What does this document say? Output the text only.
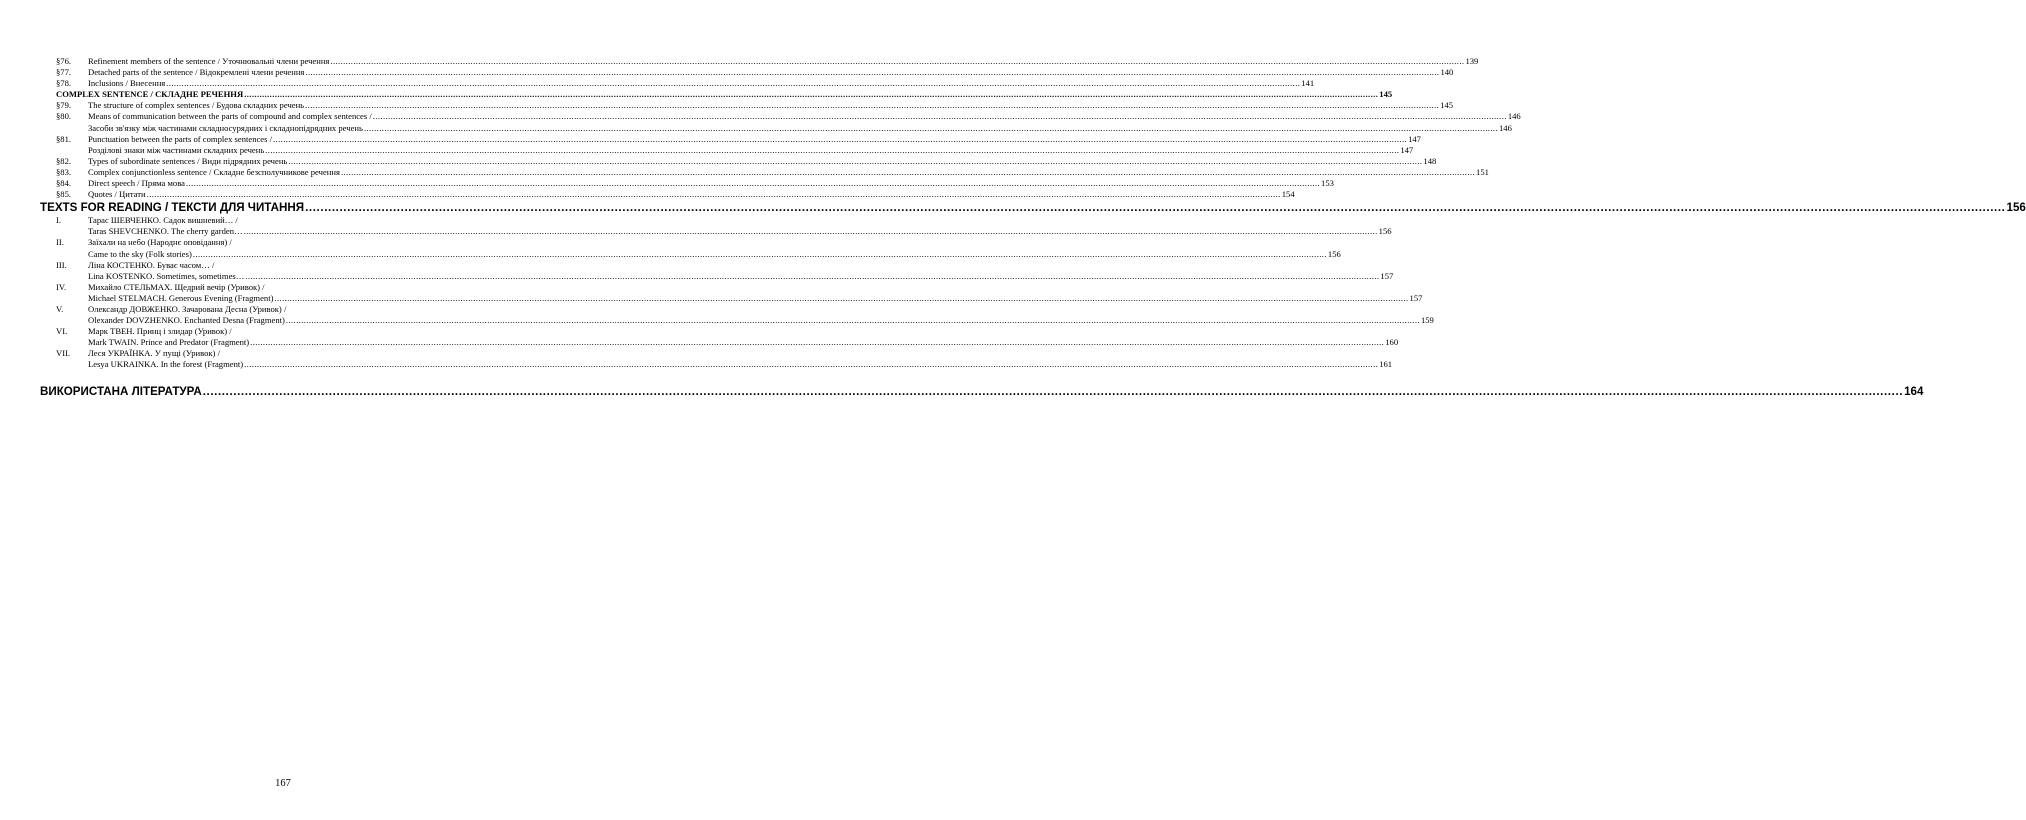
§76.	Refinement members of the sentence / Уточнювальні члени речення .....	139
§77.	Detached parts of the sentence / Відокремлені члени речення .....	140
§78.	Inclusions / Внесення .....	141
COMPLEX SENTENCE / СКЛАДНЕ РЕЧЕННЯ .....	145
§79.	The structure of complex sentences / Будова складних речень .....	145
§80.	Means of communication between the parts of compound and complex sentences / .....	146
Засоби зв'язку між частинами складносурядних і складнопідрядних речень .....	146
§81.	Punctuation between the parts of complex sentences / .....	147
Розділові знаки між частинами складних речень .....	147
§82.	Types of subordinate sentences / Види підрядних речень .....	148
§83.	Complex conjunctionless sentence / Складне безсполучникове речення .....	151
§84.	Direct speech / Пряма мова .....	153
§85.	Quotes / Цитати .....	154
TEXTS FOR READING / ТЕКСТИ ДЛЯ ЧИТАННЯ .....	156
I.	Тарас ШЕВЧЕНКО. Садок вишневий… /
Taras SHEVCHENKO. The cherry garden… .....	156
II.	Заїхали на небо (Народнє оповідання) /
Came to the sky (Folk stories) .....	156
III.	Ліна КОСТЕНКО. Буває часом… /
Lina KOSTENKO. Sometimes, sometimes… .....	157
IV.	Михайло СТЕЛЬМАХ. Щедрий вечір (Уривок) /
Michael STELMACH. Generous Evening (Fragment) .....	157
V.	Олександр ДОВЖЕНКО. Зачарована Десна (Уривок) /
Olexander DOVZHENKO. Enchanted Desna (Fragment) .....	159
VI.	Марк ТВЕН. Принц і злидар (Уривок) /
Mark TWAIN. Prince and Predator (Fragment) .....	160
VII.	Леся УКРАЇНКА. У пущі (Уривок) /
Lesya UKRAINKA. In the forest (Fragment) .....	161
ВИКОРИСТАНА ЛІТЕРАТУРА .....	164
167
